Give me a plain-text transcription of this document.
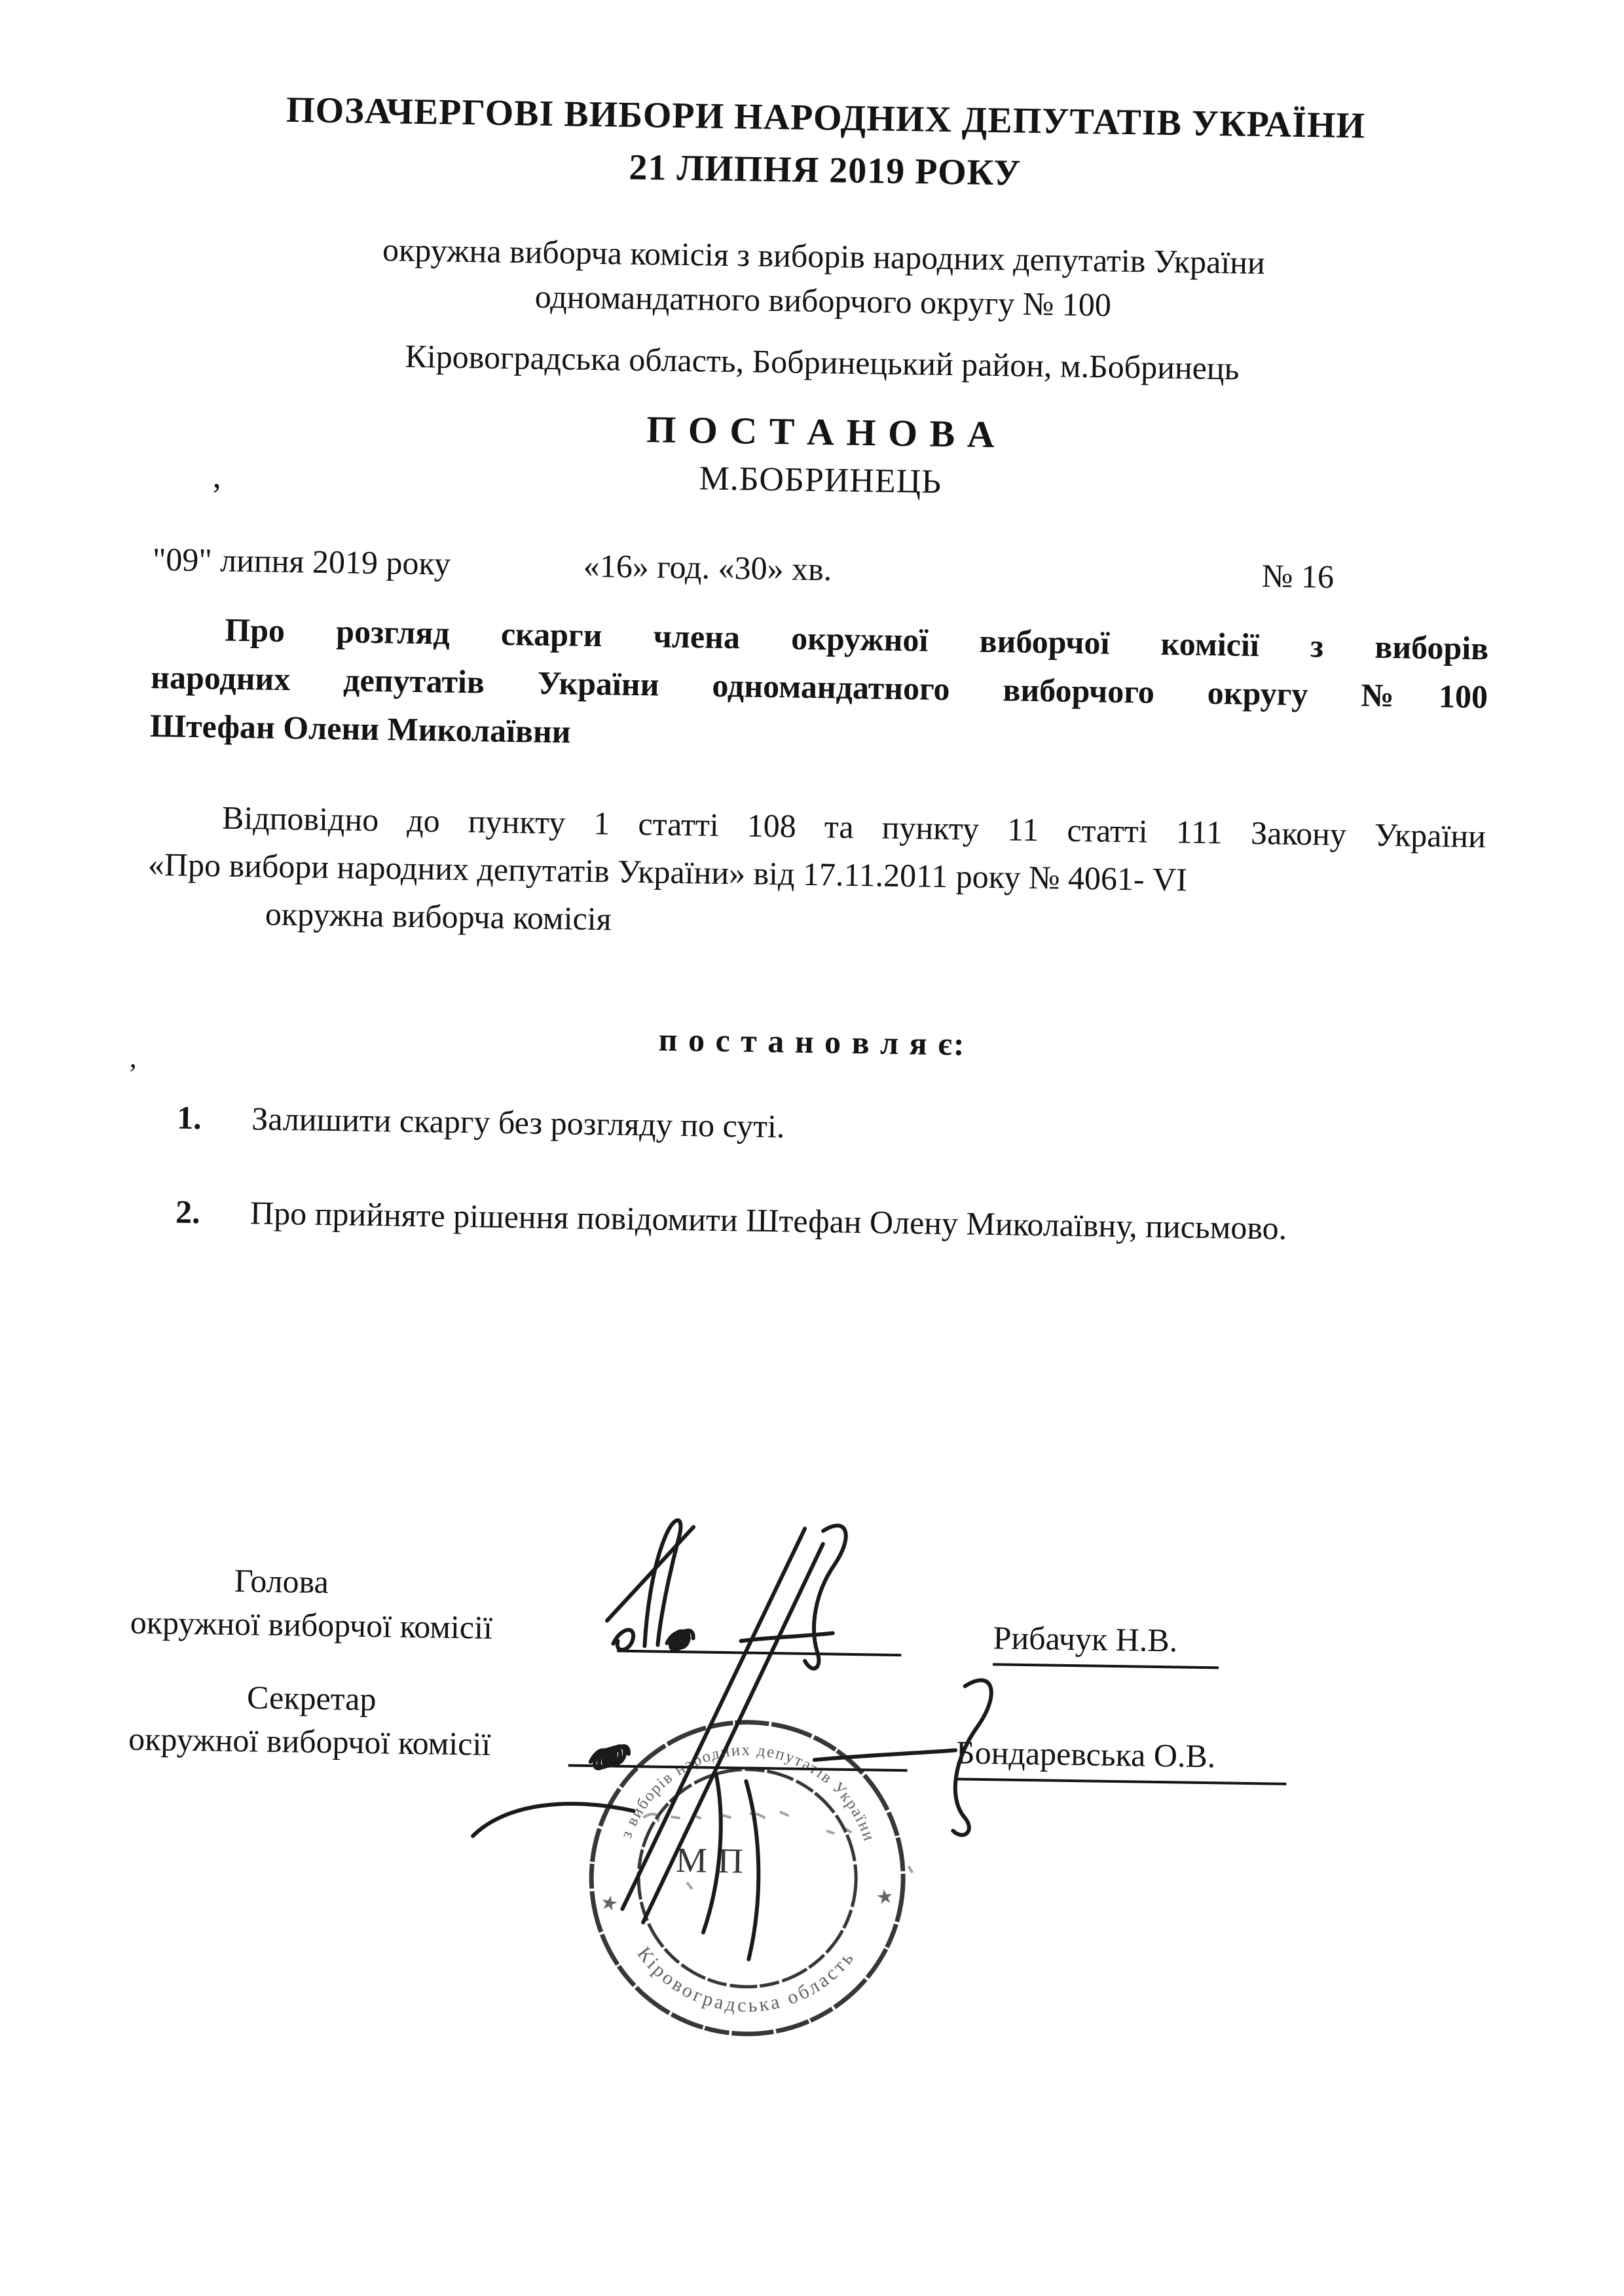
ПОЗАЧЕРГОВІ ВИБОРИ НАРОДНИХ ДЕПУТАТІВ УКРАЇНИ
21 ЛИПНЯ 2019 РОКУ
окружна виборча комісія з виборів народних депутатів України
одномандатного виборчого округу № 100
Кіровоградська область, Бобринецький район, м.Бобринець
П О С Т А Н О В А
М.БОБРИНЕЦЬ
,
’
"09" липня 2019 року	«16» год. «30» хв.	№ 16
Про розгляд скарги члена окружної виборчої комісії з виборів
народних депутатів України одномандатного виборчого округу №100
Штефан Олени Миколаївни
Відповідно до пункту 1 статті 108 та пункту 11 статті 111 Закону України
«Про вибори народних депутатів України» від 17.11.2011 року № 4061- VI
окружна виборча комісія
п о с т а н о в л я є:
1.	Залишити скаргу без розгляду по суті.
2.	Про прийняте рішення повідомити Штефан Олену Миколаївну, письмово.
Голова
окружної виборчої комісії	Рибачук Н.В.
Секретар
окружної виборчої комісії	Бондаревська О.В.
з виборів народних депутатів України
Кіровоградська область
★	★
МП
